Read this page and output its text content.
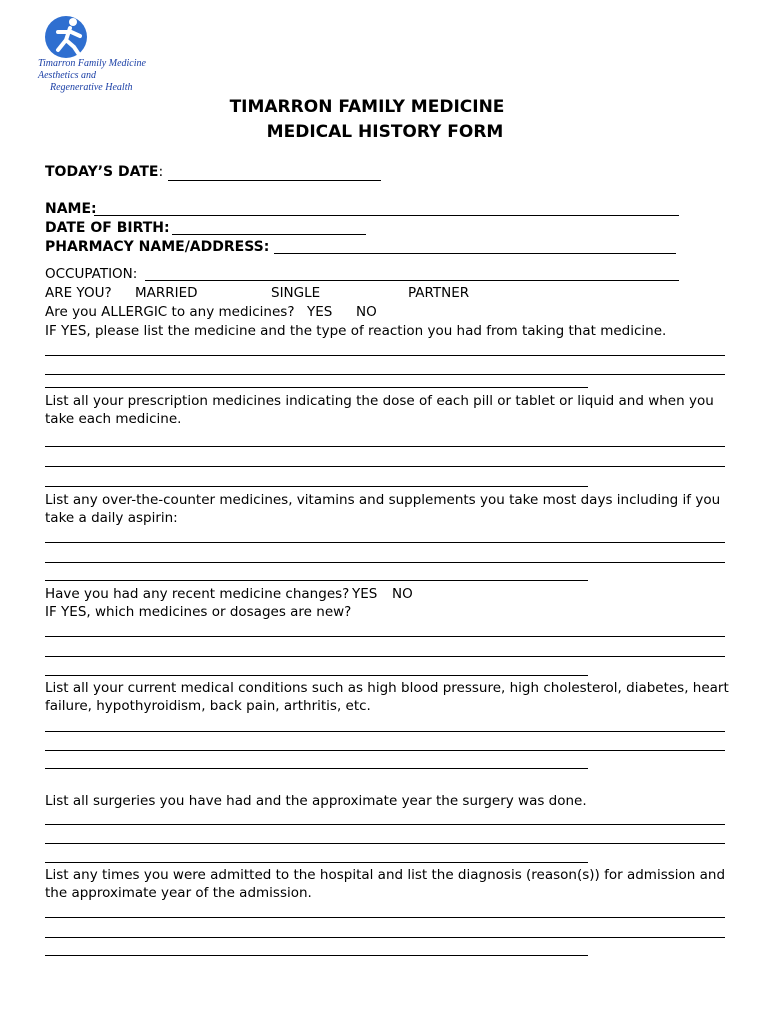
Timarron Family Medicine
Aesthetics and
Regenerative Health
TIMARRON FAMILY MEDICINE
MEDICAL HISTORY FORM
TODAY’S DATE:
NAME:
DATE OF BIRTH:
PHARMACY NAME/ADDRESS:
OCCUPATION:
ARE YOU? MARRIED	SINGLE	PARTNER
Are you ALLERGIC to any medicines? YES NO
IF YES, please list the medicine and the type of reaction you had from taking that medicine.
List all your prescription medicines indicating the dose of each pill or tablet or liquid and when you
take each medicine.
List any over-the-counter medicines, vitamins and supplements you take most days including if you
take a daily aspirin:
Have you had any recent medicine changes? YES NO
IF YES, which medicines or dosages are new?
List all your current medical conditions such as high blood pressure, high cholesterol, diabetes, heart
failure, hypothyroidism, back pain, arthritis, etc.
List all surgeries you have had and the approximate year the surgery was done.
List any times you were admitted to the hospital and list the diagnosis (reason(s)) for admission and
the approximate year of the admission.
